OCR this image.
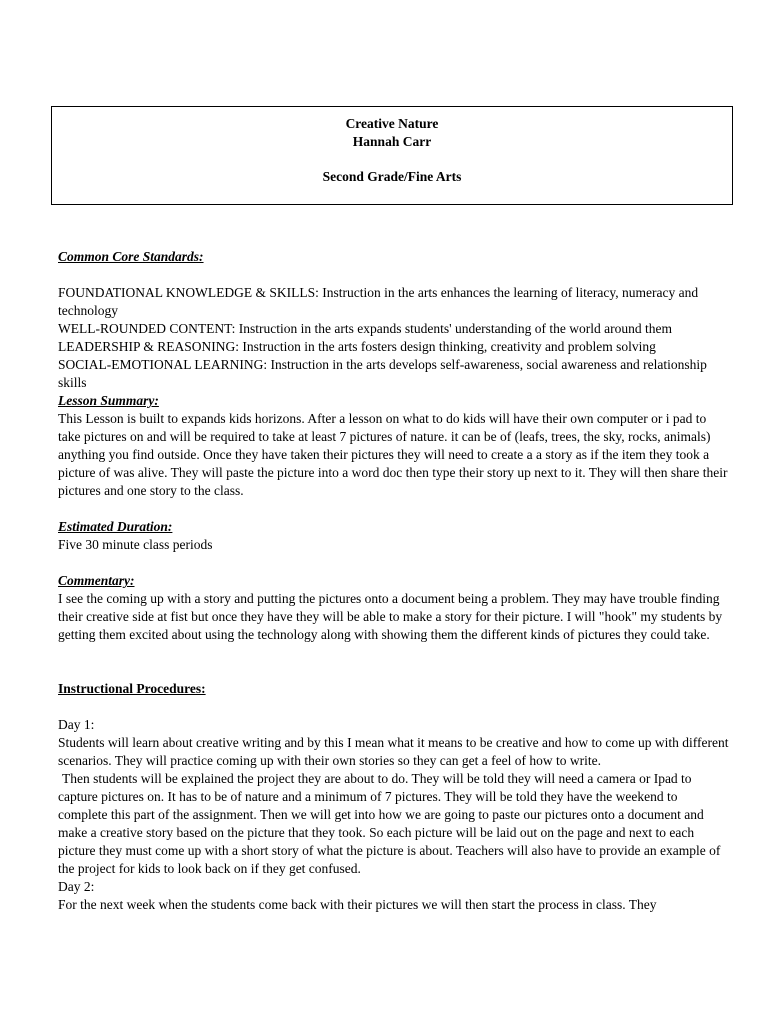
Creative Nature
Hannah Carr
Second Grade/Fine Arts

Common Core Standards:

FOUNDATIONAL KNOWLEDGE & SKILLS: Instruction in the arts enhances the learning of literacy, numeracy and technology

WELL-ROUNDED CONTENT: Instruction in the arts expands students' understanding of the world around them

LEADERSHIP & REASONING: Instruction in the arts fosters design thinking, creativity and problem solving

SOCIAL-EMOTIONAL LEARNING: Instruction in the arts develops self-awareness, social awareness and relationship skills

Lesson Summary:

This Lesson is built to expands kids horizons. After a lesson on what to do kids will have their own computer or i pad to take pictures on and will be required to take at least 7 pictures of nature. it can be of (leafs, trees, the sky, rocks, animals) anything you find outside. Once they have taken their pictures they will need to create a a story as if the item they took a picture of was alive. They will paste the picture into a word doc then type their story up next to it. They will then share their pictures and one story to the class.

Estimated Duration:

Five 30 minute class periods

Commentary:

I see the coming up with a story and putting the pictures onto a document being a problem. They may have trouble finding their creative side at fist but once they have they will be able to make a story for their picture. I will "hook" my students by getting them excited about using the technology along with showing them the different kinds of pictures they could take.

Instructional Procedures:

Day 1:

Students will learn about creative writing and by this I mean what it means to be creative and how to come up with different scenarios. They will practice coming up with their own stories so they can get a feel of how to write.

Then students will be explained the project they are about to do. They will be told they will need a camera or Ipad to capture pictures on. It has to be of nature and a minimum of 7 pictures. They will be told they have the weekend to complete this part of the assignment. Then we will get into how we are going to paste our pictures onto a document and make a creative story based on the picture that they took. So each picture will be laid out on the page and next to each picture they must come up with a short story of what the picture is about. Teachers will also have to provide an example of the project for kids to look back on if they get confused.

Day 2:

For the next week when the students come back with their pictures we will then start the process in class. They
